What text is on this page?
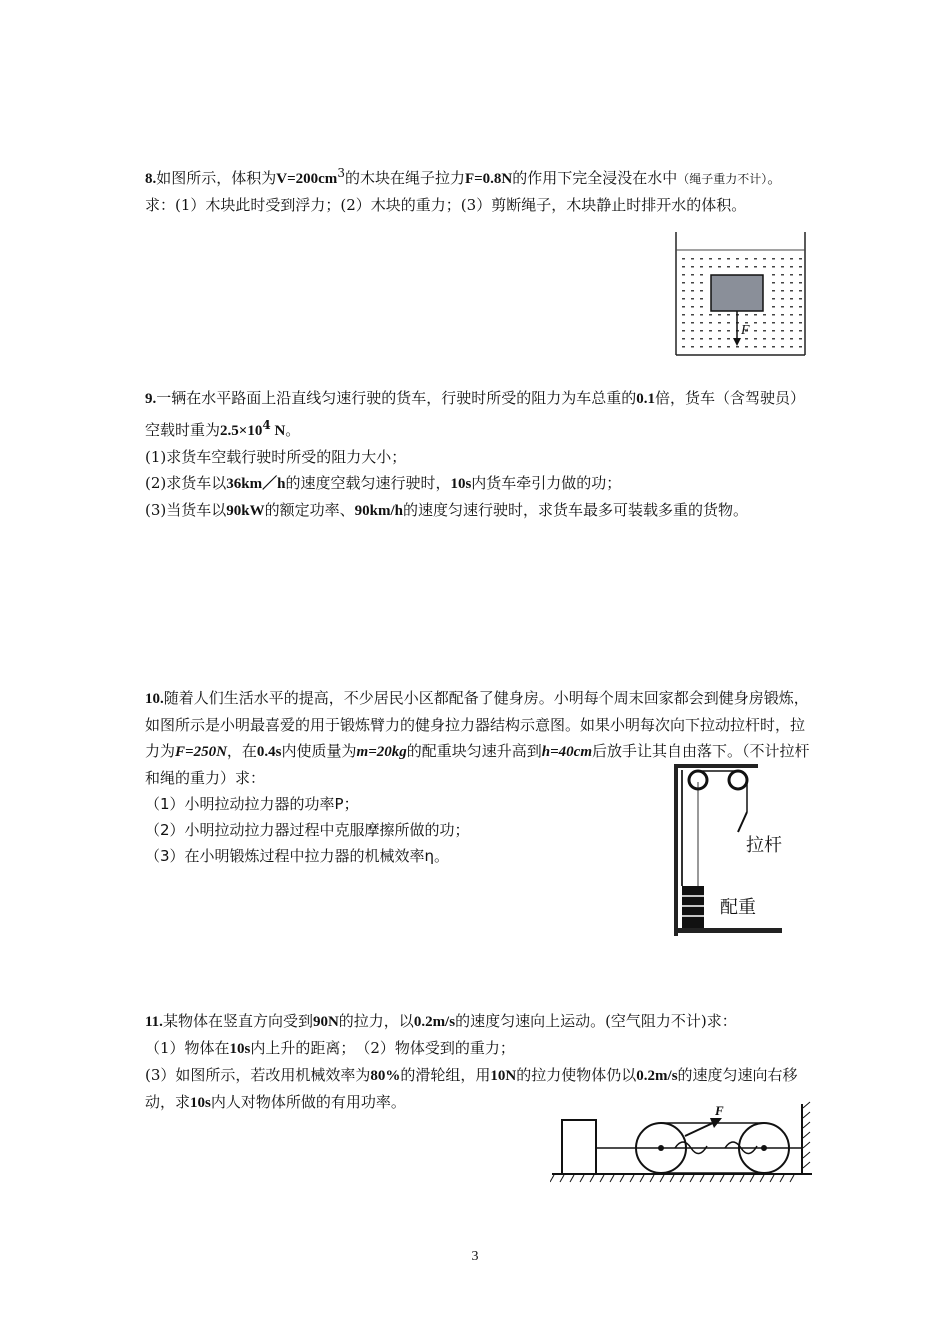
8.如图所示，体积为$V=200cm^3$的木块在绳子拉力F=0.8N的作用下完全浸没在水中（绳子重力不计）。求：(1）木块此时受到浮力；(2）木块的重力；(3）剪断绳子，木块静止时排开水的体积。

F

9.一辆在水平路面上沿直线匀速行驶的货车，行驶时所受的阻力为车总重的0.1倍，货车（含驾驶员）空载时重为$2.5\times 10^4$ N。

(1)求货车空载行驶时所受的阻力大小；

(2)求货车以36km／h的速度空载匀速行驶时，10s内货车牵引力做的功；

(3)当货车以90kW的额定功率、90km/h的速度匀速行驶时，求货车最多可装载多重的货物。

10.随着人们生活水平的提高，不少居民小区都配备了健身房。小明每个周末回家都会到健身房锻炼，如图所示是小明最喜爱的用于锻炼臂力的健身拉力器结构示意图。如果小明每次向下拉动拉杆时，拉力为F=250N，在0.4s内使质量为m=20kg的配重块匀速升高到h=40cm后放手让其自由落下。（不计拉杆和绳的重力）求：

（1）小明拉动拉力器的功率P；

（2）小明拉动拉力器过程中克服摩擦所做的功；

（3）在小明锻炼过程中拉力器的机械效率η。	拉杆
配重

11.某物体在竖直方向受到90N的拉力，以0.2m/s的速度匀速向上运动。(空气阻力不计)求：

（1）物体在10s内上升的距离；　（2）物体受到的重力；

(3）如图所示，若改用机械效率为80%的滑轮组，用10N的拉力使物体仍以0.2m/s的速度匀速向右移动，求10s内人对物体所做的有用功率。	F
3
